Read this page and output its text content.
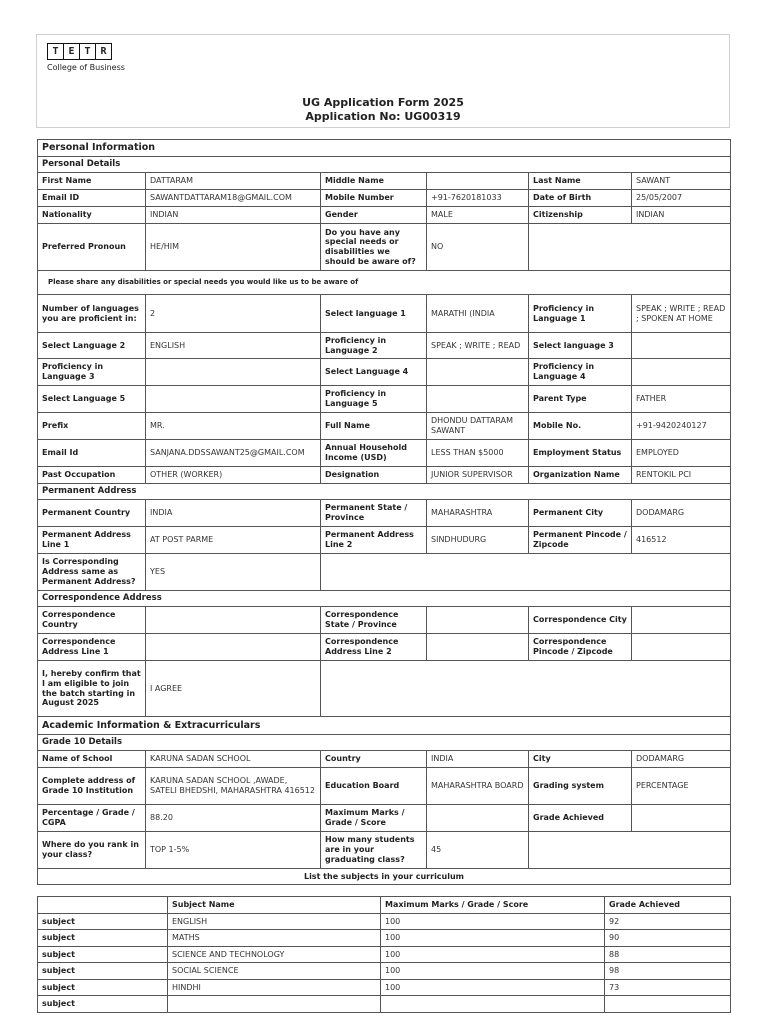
T E T R
College of Business
UG Application Form 2025
Application No: UG00319
Personal Information					
Personal Details					
First Name	DATTARAM	Middle Name		Last Name	SAWANT
Email ID	SAWANTDATTARAM18@GMAIL.COM	Mobile Number	+91-7620181033	Date of Birth	25/05/2007
Nationality	INDIAN	Gender	MALE	Citizenship	INDIAN
Preferred Pronoun	HE/HIM	Do you have any special needs or disabilities we should be aware of?	NO		
Please share any disabilities or special needs you would like us to be aware of					
Number of languages you are proficient in:	2	Select language 1	MARATHI (INDIA	Proficiency in Language 1	SPEAK ; WRITE ; READ ; SPOKEN AT HOME
Select Language 2	ENGLISH	Proficiency in Language 2	SPEAK ; WRITE ; READ	Select language 3	
Proficiency in Language 3		Select Language 4		Proficiency in Language 4	
Select Language 5		Proficiency in Language 5		Parent Type	FATHER
Prefix	MR.	Full Name	DHONDU DATTARAM SAWANT	Mobile No.	+91-9420240127
Email Id	SANJANA.DDSSAWANT25@GMAIL.COM	Annual Household Income (USD)	LESS THAN $5000	Employment Status	EMPLOYED
Past Occupation	OTHER (WORKER)	Designation	JUNIOR SUPERVISOR	Organization Name	RENTOKIL PCI
Permanent Address					
Permanent Country	INDIA	Permanent State / Province	MAHARASHTRA	Permanent City	DODAMARG
Permanent Address Line 1	AT POST PARME	Permanent Address Line 2	SINDHUDURG	Permanent Pincode / Zipcode	416512
Is Corresponding Address same as Permanent Address?	YES				
Correspondence Address					
Correspondence Country		Correspondence State / Province		Correspondence City	
Correspondence Address Line 1		Correspondence Address Line 2		Correspondence Pincode / Zipcode	
I, hereby confirm that I am eligible to join the batch starting in August 2025	I AGREE				
Academic Information & Extracurriculars					
Grade 10 Details					
Name of School	KARUNA SADAN SCHOOL	Country	INDIA	City	DODAMARG
Complete address of Grade 10 Institution	KARUNA SADAN SCHOOL ,AWADE, SATELI BHEDSHI, MAHARASHTRA 416512	Education Board	MAHARASHTRA BOARD	Grading system	PERCENTAGE
Percentage / Grade / CGPA	88.20	Maximum Marks / Grade / Score		Grade Achieved	
Where do you rank in your class?	TOP 1-5%	How many students are in your graduating class?	45		
List the subjects in your curriculum					
	Subject Name	Maximum Marks / Grade / Score	Grade Achieved
subject	ENGLISH	100	92
subject	MATHS	100	90
subject	SCIENCE AND TECHNOLOGY	100	88
subject	SOCIAL SCIENCE	100	98
subject	HINDHI	100	73
subject			
